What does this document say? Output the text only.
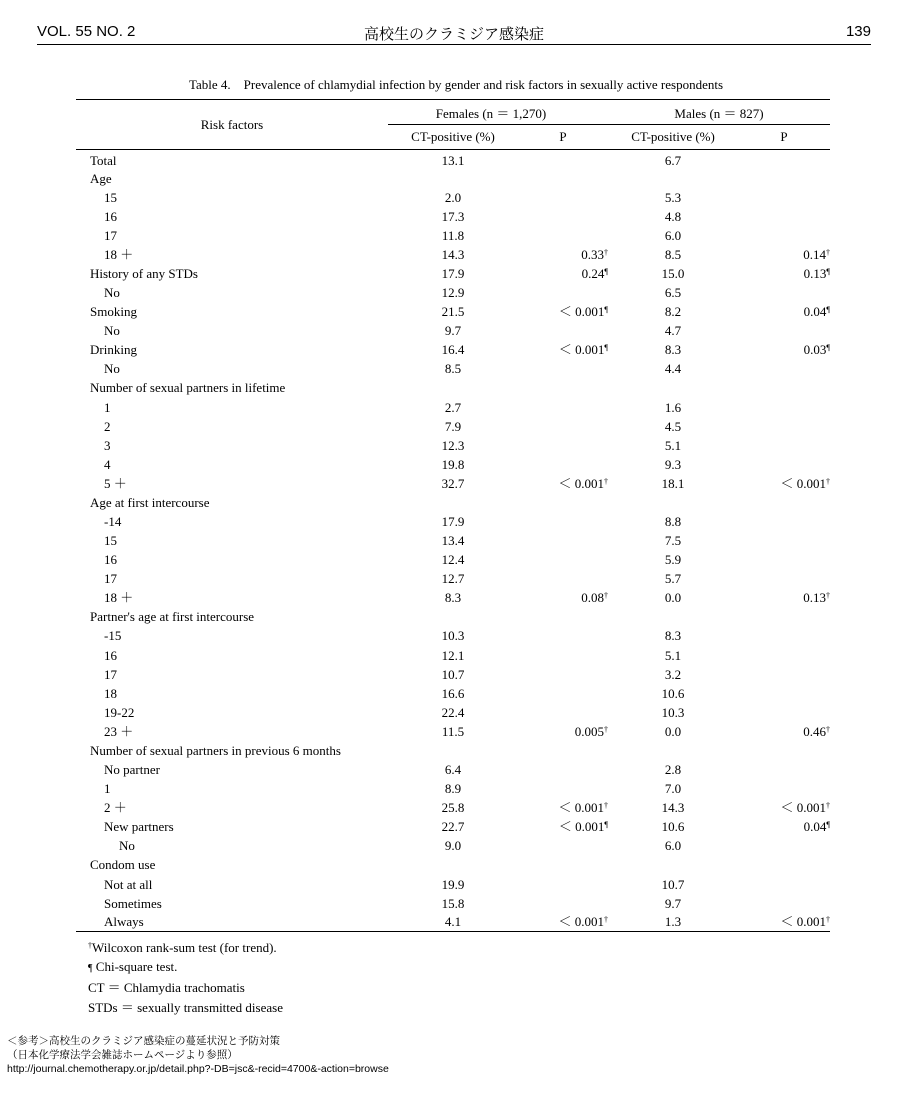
VOL. 55 NO. 2	高校生のクラミジア感染症	139
Table 4.　Prevalence of chlamydial infection by gender and risk factors in sexually active respondents
Risk factors	Females (n ＝ 1,270)		Males (n ＝ 827)	
	CT-positive (%)	P	CT-positive (%)	P
Total	13.1		6.7	
Age				
15	2.0		5.3	
16	17.3		4.8	
17	11.8		6.0	
18 ＋	14.3	0.33†	8.5	0.14†
History of any STDs	17.9	0.24¶	15.0	0.13¶
No	12.9		6.5	
Smoking	21.5	＜ 0.001¶	8.2	0.04¶
No	9.7		4.7	
Drinking	16.4	＜ 0.001¶	8.3	0.03¶
No	8.5		4.4	
Number of sexual partners in lifetime				
1	2.7		1.6	
2	7.9		4.5	
3	12.3		5.1	
4	19.8		9.3	
5 ＋	32.7	＜ 0.001†	18.1	＜ 0.001†
Age at first intercourse				
-14	17.9		8.8	
15	13.4		7.5	
16	12.4		5.9	
17	12.7		5.7	
18 ＋	8.3	0.08†	0.0	0.13†
Partner's age at first intercourse				
-15	10.3		8.3	
16	12.1		5.1	
17	10.7		3.2	
18	16.6		10.6	
19-22	22.4		10.3	
23 ＋	11.5	0.005†	0.0	0.46†
Number of sexual partners in previous 6 months				
No partner	6.4		2.8	
1	8.9		7.0	
2 ＋	25.8	＜ 0.001†	14.3	＜ 0.001†
New partners	22.7	＜ 0.001¶	10.6	0.04¶
No	9.0		6.0	
Condom use				
Not at all	19.9		10.7	
Sometimes	15.8		9.7	
Always	4.1	＜ 0.001†	1.3	＜ 0.001†
†Wilcoxon rank-sum test (for trend).
¶ Chi-square test.
CT ＝ Chlamydia trachomatis
STDs ＝ sexually transmitted disease
＜参考＞高校生のクラミジア感染症の蔓延状況と予防対策
（日本化学療法学会雑誌ホームページより参照）
http://journal.chemotherapy.or.jp/detail.php?-DB=jsc&-recid=4700&-action=browse
